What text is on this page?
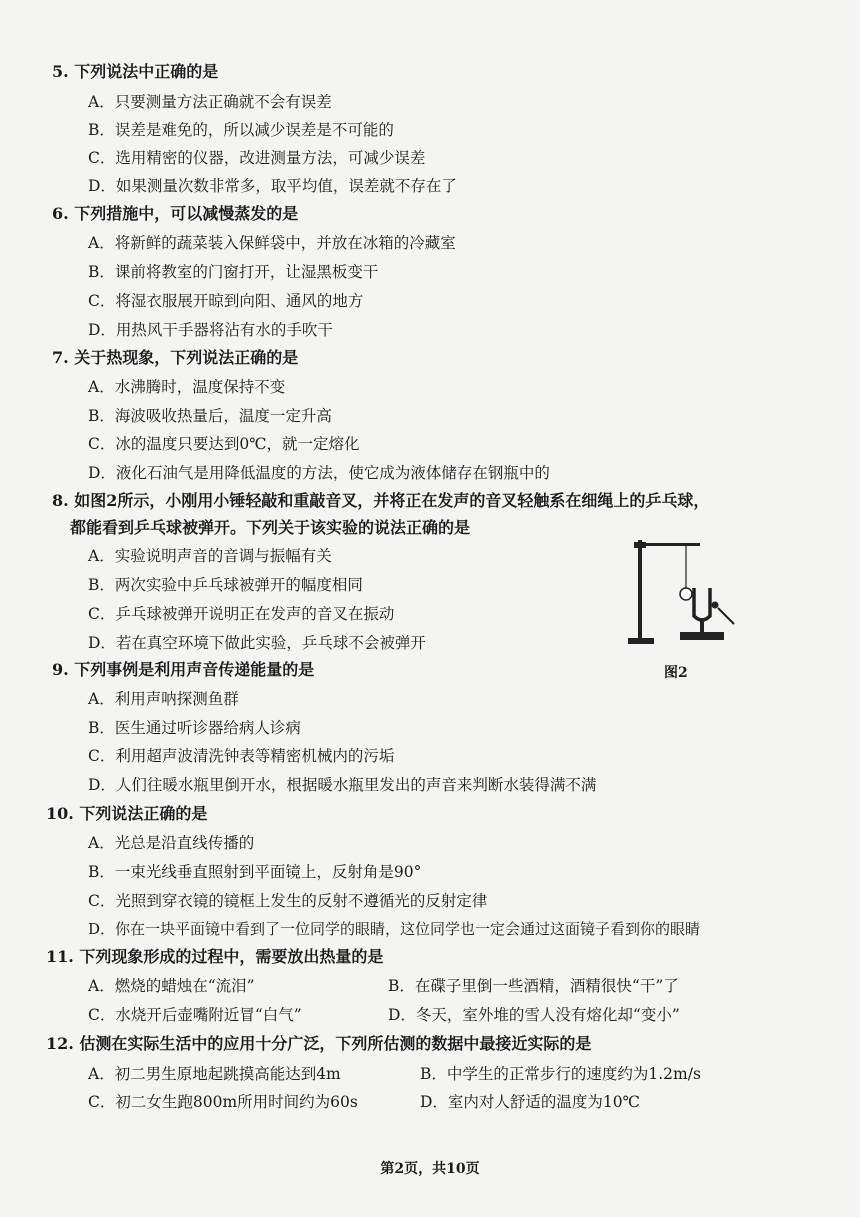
5. 下列说法中正确的是
A．只要测量方法正确就不会有误差
B．误差是难免的，所以减少误差是不可能的
C．选用精密的仪器，改进测量方法，可减少误差
D．如果测量次数非常多，取平均值，误差就不存在了
6. 下列措施中，可以减慢蒸发的是
A．将新鲜的蔬菜装入保鲜袋中，并放在冰箱的冷藏室
B．课前将教室的门窗打开，让湿黑板变干
C．将湿衣服展开晾到向阳、通风的地方
D．用热风干手器将沾有水的手吹干
7. 关于热现象，下列说法正确的是
A．水沸腾时，温度保持不变
B．海波吸收热量后，温度一定升高
C．冰的温度只要达到0℃，就一定熔化
D．液化石油气是用降低温度的方法，使它成为液体储存在钢瓶中的
8. 如图2所示，小刚用小锤轻敲和重敲音叉，并将正在发声的音叉轻触系在细绳上的乒乓球，
都能看到乒乓球被弹开。下列关于该实验的说法正确的是
A．实验说明声音的音调与振幅有关
B．两次实验中乒乓球被弹开的幅度相同
C．乒乓球被弹开说明正在发声的音叉在振动
D．若在真空环境下做此实验，乒乓球不会被弹开
图2
9. 下列事例是利用声音传递能量的是
A．利用声呐探测鱼群
B．医生通过听诊器给病人诊病
C．利用超声波清洗钟表等精密机械内的污垢
D．人们往暖水瓶里倒开水，根据暖水瓶里发出的声音来判断水装得满不满
10. 下列说法正确的是
A．光总是沿直线传播的
B．一束光线垂直照射到平面镜上，反射角是90°
C．光照到穿衣镜的镜框上发生的反射不遵循光的反射定律
D．你在一块平面镜中看到了一位同学的眼睛，这位同学也一定会通过这面镜子看到你的眼睛
11. 下列现象形成的过程中，需要放出热量的是
A．燃烧的蜡烛在“流泪”	B．在碟子里倒一些酒精，酒精很快“干”了
C．水烧开后壶嘴附近冒“白气”	D．冬天，室外堆的雪人没有熔化却“变小”
12. 估测在实际生活中的应用十分广泛，下列所估测的数据中最接近实际的是
A．初二男生原地起跳摸高能达到4m	B．中学生的正常步行的速度约为1.2m/s
C．初二女生跑800m所用时间约为60s	D．室内对人舒适的温度为10℃
第2页，共10页
